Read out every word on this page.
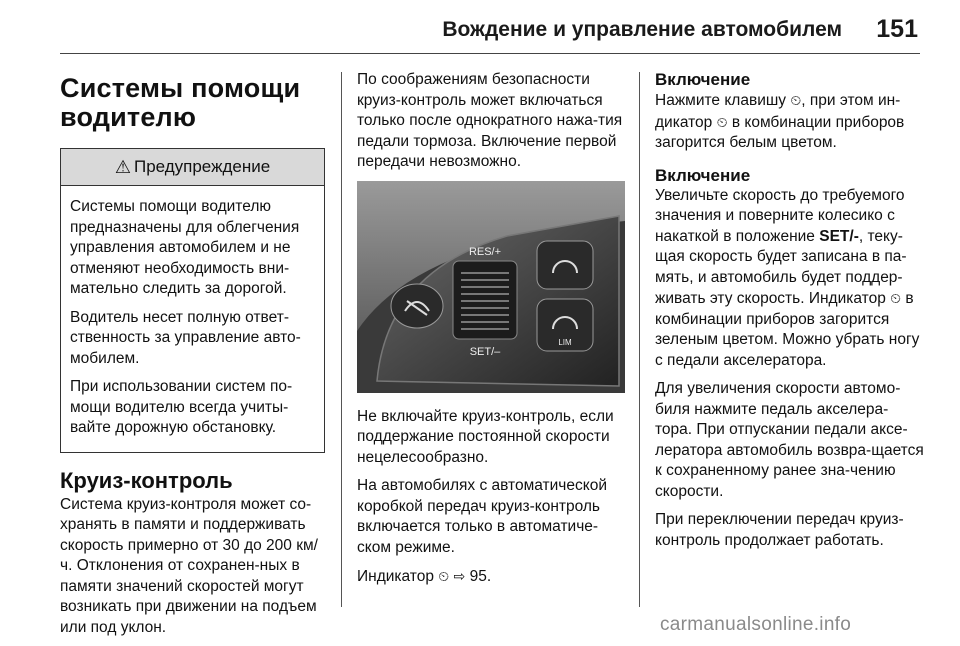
Вождение и управление автомобилем 151
Системы помощи
водителю
⚠ Предупреждение

Системы помощи водителю предназначены для облегчения управления автомобилем и не отменяют необходимость вни-мательно следить за дорогой.

Водитель несет полную ответ-ственность за управление авто-мобилем.

При использовании систем по-мощи водителю всегда учиты-вайте дорожную обстановку.

Круиз-контроль

Система круиз-контроля может со-хранять в памяти и поддерживать скорость примерно от 30 до 200 км/ч. Отклонения от сохранен-ных в памяти значений скоростей могут возникать при движении на подъем или под уклон.

По соображениям безопасности круиз-контроль может включаться только после однократного нажа-тия педали тормоза. Включение первой передачи невозможно.

RES/+
SET/–
LIM

Не включайте круиз-контроль, если поддержание постоянной скорости нецелесообразно.

На автомобилях с автоматической коробкой передач круиз-контроль включается только в автоматиче-ском режиме.

Индикатор ⏲ ⇨ 95.

Включение

Нажмите клавишу ⏲, при этом ин-дикатор ⏲ в комбинации приборов загорится белым цветом.

Включение

Увеличьте скорость до требуемого значения и поверните колесико с накаткой в положение SET/-, теку-щая скорость будет записана в па-мять, и автомобиль будет поддер-живать эту скорость. Индикатор ⏲ в комбинации приборов загорится зеленым цветом. Можно убрать ногу с педали акселератора.

Для увеличения скорости автомо-биля нажмите педаль акселера-тора. При отпускании педали аксе-лератора автомобиль возвра-щается к сохраненному ранее зна-чению скорости.

При переключении передач круиз-контроль продолжает работать.

carmanualsonline.info
